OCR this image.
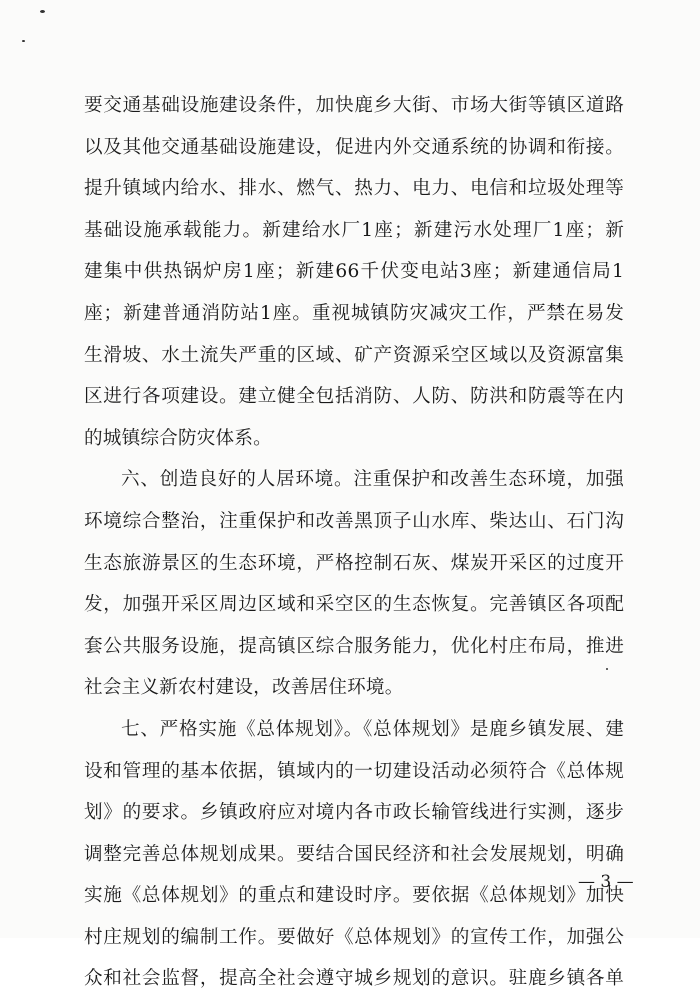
要交通基础设施建设条件，加快鹿乡大街、市场大街等镇区道路
以及其他交通基础设施建设，促进内外交通系统的协调和衔接。
提升镇域内给水、排水、燃气、热力、电力、电信和垃圾处理等
基础设施承载能力。新建给水厂1座；新建污水处理厂1座；新
建集中供热锅炉房1座；新建66千伏变电站3座；新建通信局1
座；新建普通消防站1座。重视城镇防灾减灾工作，严禁在易发
生滑坡、水土流失严重的区域、矿产资源采空区域以及资源富集
区进行各项建设。建立健全包括消防、人防、防洪和防震等在内
的城镇综合防灾体系。
六、创造良好的人居环境。注重保护和改善生态环境，加强
环境综合整治，注重保护和改善黑顶子山水库、柴达山、石门沟
生态旅游景区的生态环境，严格控制石灰、煤炭开采区的过度开
发，加强开采区周边区域和采空区的生态恢复。完善镇区各项配
套公共服务设施，提高镇区综合服务能力，优化村庄布局，推进
社会主义新农村建设，改善居住环境。
七、严格实施《总体规划》。《总体规划》是鹿乡镇发展、建
设和管理的基本依据，镇域内的一切建设活动必须符合《总体规
划》的要求。乡镇政府应对境内各市政长输管线进行实测，逐步
调整完善总体规划成果。要结合国民经济和社会发展规划，明确
实施《总体规划》的重点和建设时序。要依据《总体规划》加快
村庄规划的编制工作。要做好《总体规划》的宣传工作，加强公
众和社会监督，提高全社会遵守城乡规划的意识。驻鹿乡镇各单
— 3 —
